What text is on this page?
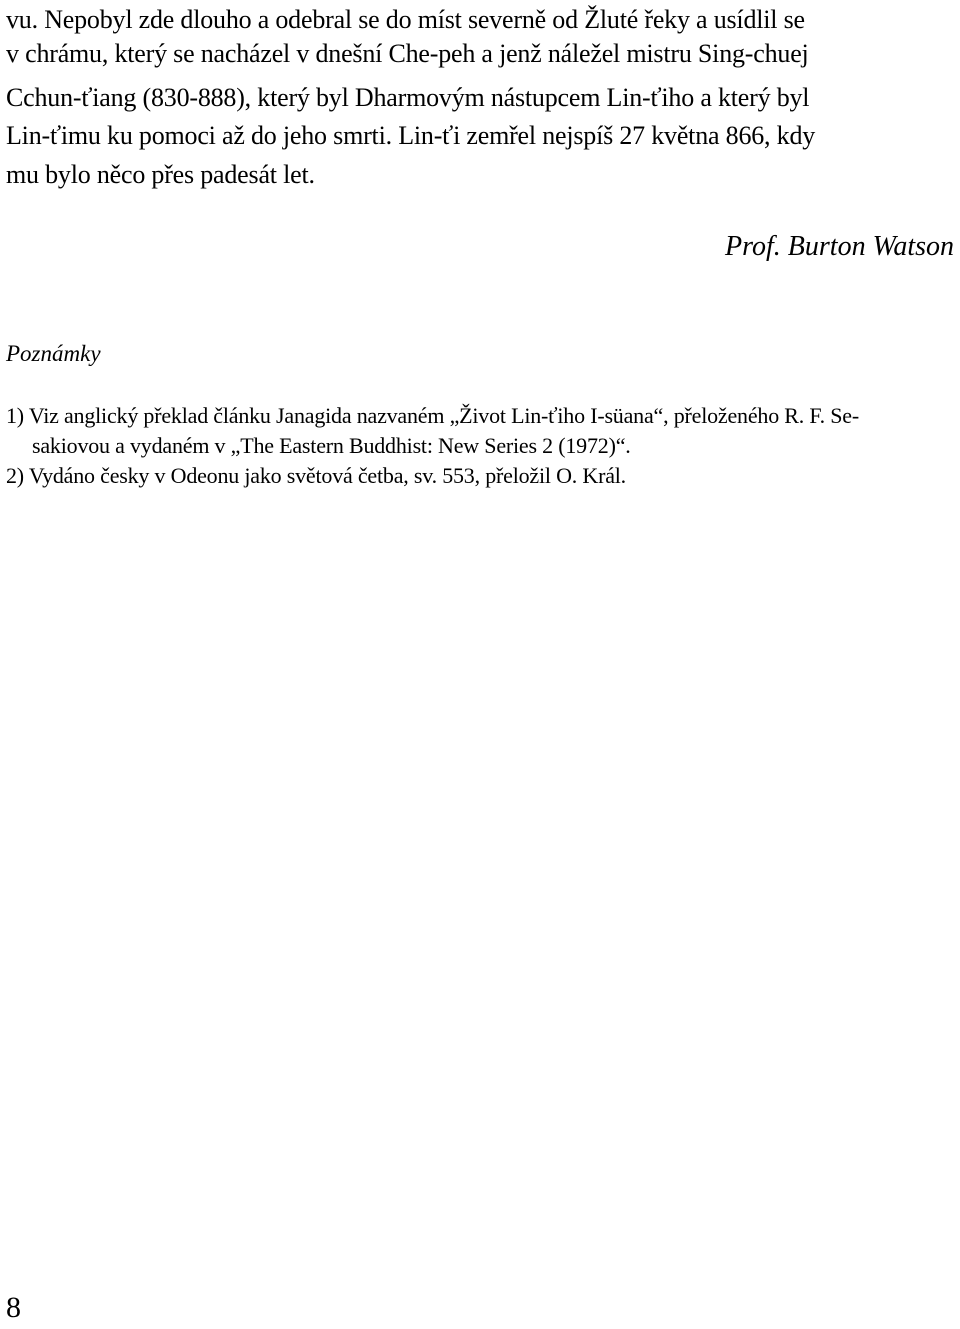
vu. Nepobyl zde dlouho a odebral se do míst severně od Žluté řeky a usídlil se
v chrámu, který se nacházel v dnešní Che-peh a jenž náležel mistru Sing-chuej
Cchun-ťiang (830-888), který byl Dharmovým nástupcem Lin-ťiho a který byl
Lin-ťimu ku pomoci až do jeho smrti. Lin-ťi zemřel nejspíš 27 května 866, kdy
mu bylo něco přes padesát let.
Prof. Burton Watson
Poznámky
1) Viz anglický překlad článku Janagida nazvaném „Život Lin-ťiho I-süana“, přeloženého R. F. Se-
sakiovou a vydaném v „The Eastern Buddhist: New Series 2 (1972)“.
2) Vydáno česky v Odeonu jako světová četba, sv. 553, přeložil O. Král.
8
